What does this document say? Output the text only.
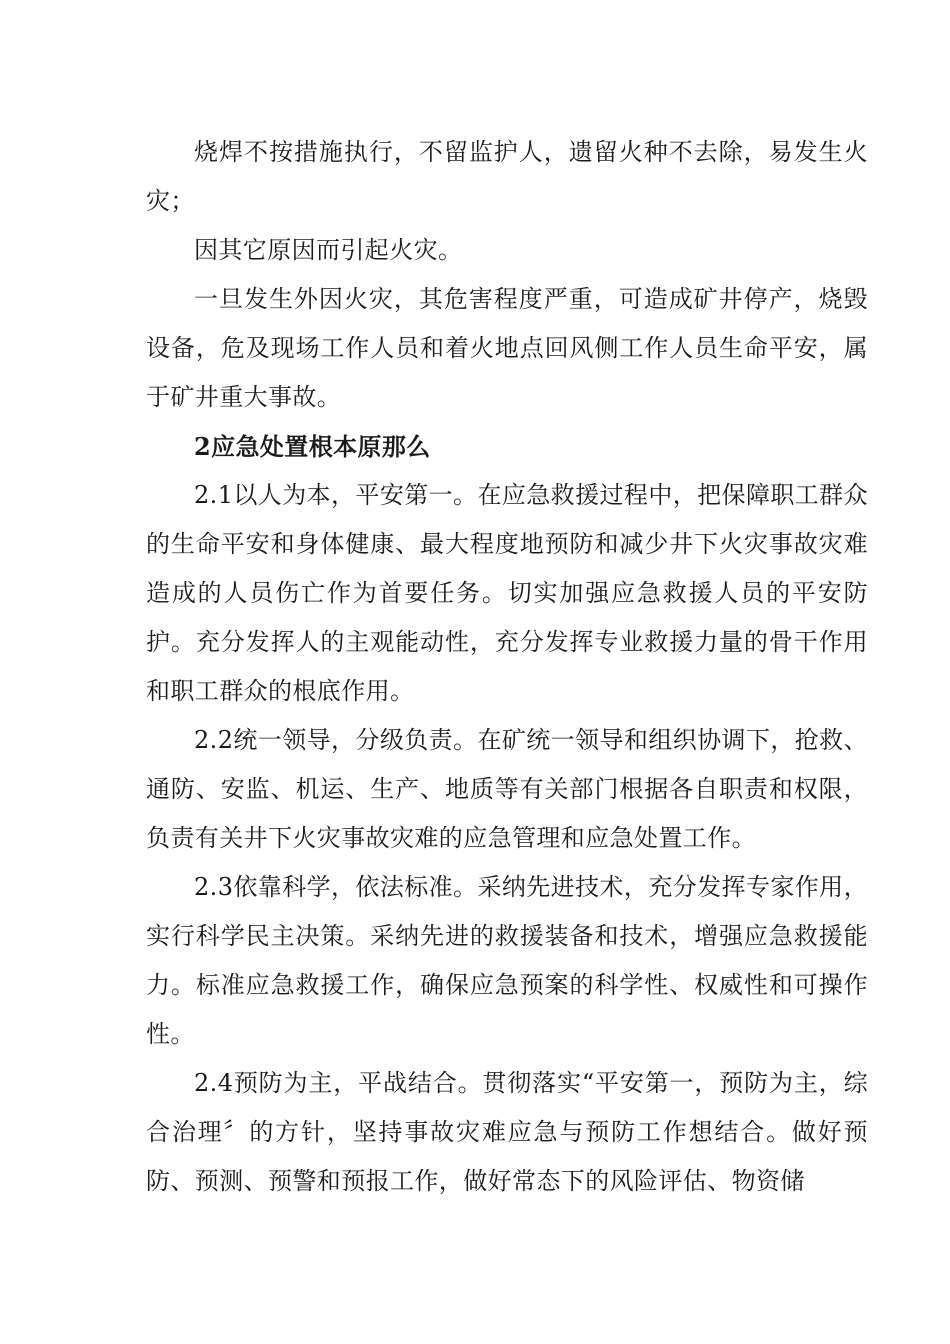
烧焊不按措施执行，不留监护人，遗留火种不去除，易发生火灾；

因其它原因而引起火灾。

一旦发生外因火灾，其危害程度严重，可造成矿井停产，烧毁设备，危及现场工作人员和着火地点回风侧工作人员生命平安，属于矿井重大事故。

2应急处置根本原那么

2.1以人为本，平安第一。在应急救援过程中，把保障职工群众的生命平安和身体健康、最大程度地预防和减少井下火灾事故灾难造成的人员伤亡作为首要任务。切实加强应急救援人员的平安防护。充分发挥人的主观能动性，充分发挥专业救援力量的骨干作用和职工群众的根底作用。

2.2统一领导，分级负责。在矿统一领导和组织协调下，抢救、通防、安监、机运、生产、地质等有关部门根据各自职责和权限，负责有关井下火灾事故灾难的应急管理和应急处置工作。

2.3依靠科学，依法标准。采纳先进技术，充分发挥专家作用，实行科学民主决策。采纳先进的救援装备和技术，增强应急救援能力。标准应急救援工作，确保应急预案的科学性、权威性和可操作性。

2.4预防为主，平战结合。贯彻落实“平安第一，预防为主，综合治理〞的方针，坚持事故灾难应急与预防工作想结合。做好预防、预测、预警和预报工作，做好常态下的风险评估、物资储
